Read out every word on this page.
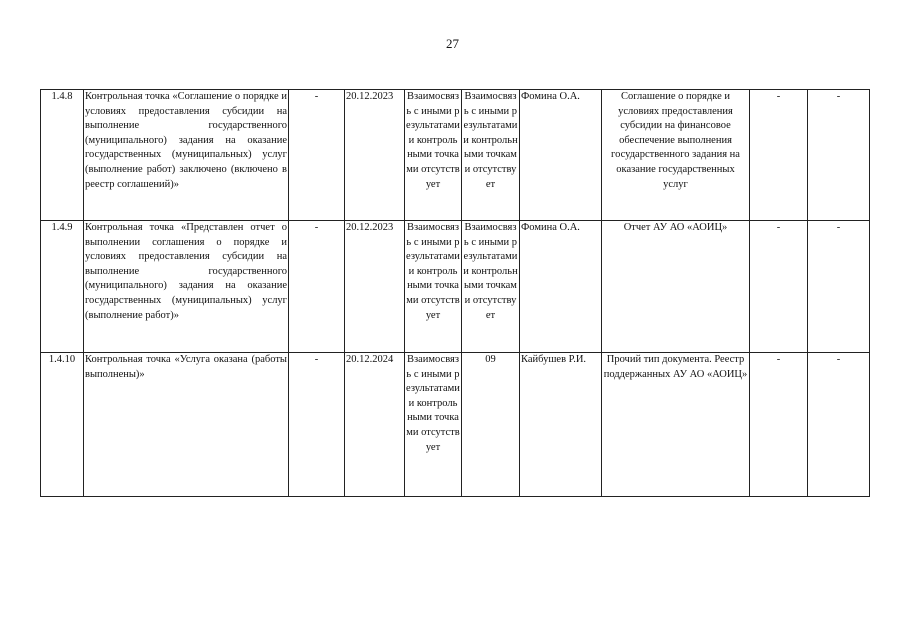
27
1.4.8	Контрольная точка «Соглашение о порядке и условиях предоставления субсидии на выполнение государственного (муниципального) задания на оказание государственных (муниципальных) услуг (выполнение работ) заключено (включено в реестр соглашений)»	-	20.12.2023	Взаимосвязь с иными результатами и контрольными точками отсутствует	Взаимосвязь с иными результатами и контрольными точками отсутствует	Фомина О.А.	Соглашение о порядке и условиях предоставления субсидии на финансовое обеспечение выполнения государственного задания на оказание государственных услуг	-	-
1.4.9	Контрольная точка «Представлен отчет о выполнении соглашения о порядке и условиях предоставления субсидии на выполнение государственного (муниципального) задания на оказание государственных (муниципальных) услуг (выполнение работ)»	-	20.12.2023	Взаимосвязь с иными результатами и контрольными точками отсутствует	Взаимосвязь с иными результатами и контрольными точками отсутствует	Фомина О.А.	Отчет АУ АО «АОИЦ»	-	-
1.4.10	Контрольная точка «Услуга оказана (работы выполнены)»	-	20.12.2024	Взаимосвязь с иными результатами и контрольными точками отсутствует	09	Кайбушев Р.И.	Прочий тип документа. Реестр поддержанных АУ АО «АОИЦ»	-	-
